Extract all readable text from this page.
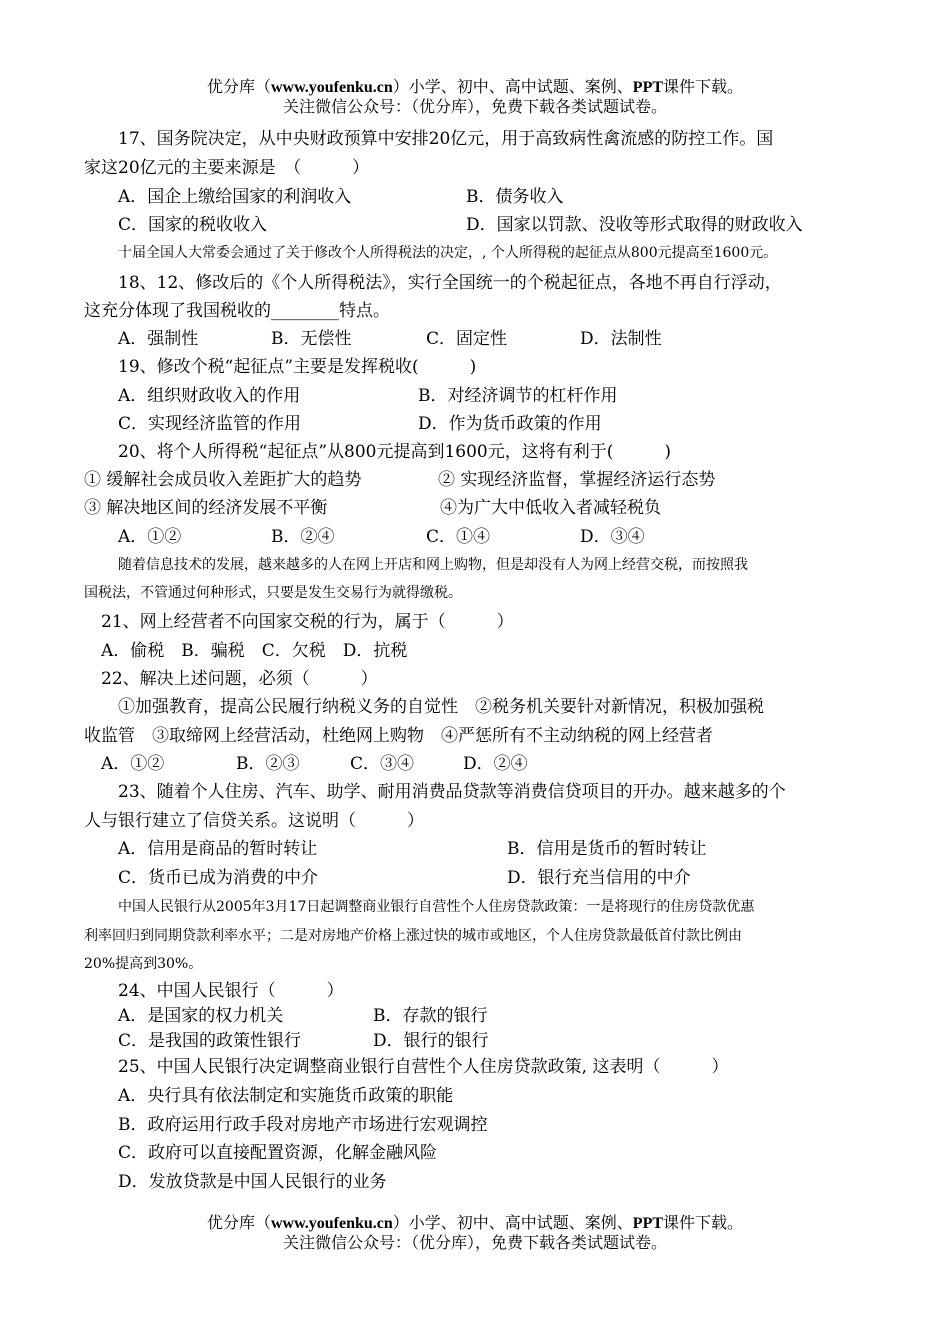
优分库（www.youfenku.cn）小学、初中、高中试题、案例、PPT课件下载。
关注微信公众号：（优分库），免费下载各类试题试卷。
17、国务院决定，从中央财政预算中安排20亿元，用于高致病性禽流感的防控工作。国
家这20亿元的主要来源是　（　　　）
A．国企上缴给国家的利润收入	B．债务收入
C．国家的税收收入	D．国家以罚款、没收等形式取得的财政收入
十届全国人大常委会通过了关于修改个人所得税法的决定，, 个人所得税的起征点从800元提高至1600元。
18、12、修改后的《个人所得税法》，实行全国统一的个税起征点，各地不再自行浮动，
这充分体现了我国税收的________特点。
A．强制性	B．无偿性	C．固定性	D．法制性
19、修改个税“起征点”主要是发挥税收(　　　)
A．组织财政收入的作用	B．对经济调节的杠杆作用
C．实现经济监管的作用	D．作为货币政策的作用
20、将个人所得税“起征点”从800元提高到1600元，这将有利于(　　　)
① 缓解社会成员收入差距扩大的趋势	② 实现经济监督，掌握经济运行态势
③ 解决地区间的经济发展不平衡	④为广大中低收入者减轻税负
A．①②	B．②④	C．①④	D．③④
随着信息技术的发展，越来越多的人在网上开店和网上购物，但是却没有人为网上经营交税，而按照我
国税法，不管通过何种形式，只要是发生交易行为就得缴税。
21、网上经营者不向国家交税的行为，属于（　　　）
A．偷税　B．骗税　C．欠税　D．抗税
22、解决上述问题，必须（　　　）
①加强教育，提高公民履行纳税义务的自觉性　②税务机关要针对新情况，积极加强税
收监管　③取缔网上经营活动，杜绝网上购物　④严惩所有不主动纳税的网上经营者
A．①②	B．②③	C．③④	D．②④
23、随着个人住房、汽车、助学、耐用消费品贷款等消费信贷项目的开办。越来越多的个
人与银行建立了信贷关系。这说明（　　　）
A．信用是商品的暂时转让	B．信用是货币的暂时转让
C．货币已成为消费的中介	D．银行充当信用的中介
中国人民银行从2005年3月17日起调整商业银行自营性个人住房贷款政策：一是将现行的住房贷款优惠
利率回归到同期贷款利率水平；二是对房地产价格上涨过快的城市或地区，个人住房贷款最低首付款比例由
20%提高到30%。
24、中国人民银行（　　　）
A．是国家的权力机关	B．存款的银行
C．是我国的政策性银行	D．银行的银行
25、中国人民银行决定调整商业银行自营性个人住房贷款政策, 这表明（　　　）
A．央行具有依法制定和实施货币政策的职能
B．政府运用行政手段对房地产市场进行宏观调控
C．政府可以直接配置资源，化解金融风险
D．发放贷款是中国人民银行的业务
优分库（www.youfenku.cn）小学、初中、高中试题、案例、PPT课件下载。
关注微信公众号：（优分库），免费下载各类试题试卷。
